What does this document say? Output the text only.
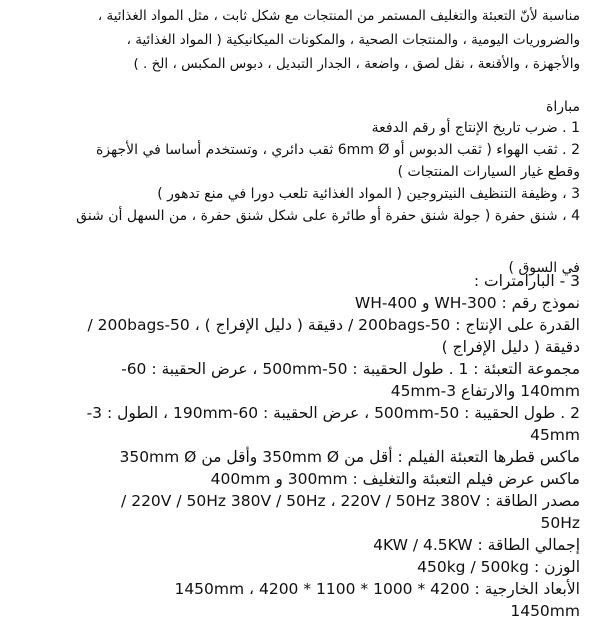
مناسبة لأنّ التعبئة والتغليف المستمر من المنتجات مع شكل ثابت ، مثل المواد الغذائية ،
والضروريات اليومية ، والمنتجات الصحية ، والمكونات الميكانيكية ( المواد الغذائية ،
والأجهزة ، والأقنعة ، نقل لصق ، واضعة ، الجدار التبديل ، دبوس المكبس ، الخ . )
مباراة
1 . ضرب تاريخ الإنتاج أو رقم الدفعة
2 . ثقب الهواء ( ثقب الدبوس أو 6mm Ø ثقب دائري ، وتستخدم أساسا في الأجهزة
وقطع غيار السيارات المنتجات )
3 ، وظيفة التنظيف النيتروجين ( المواد الغذائية تلعب دورا في منع تدهور )
4 ، شنق حفرة ( جولة شنق حفرة أو طائرة على شكل شنق حفرة ، من السهل أن شنق
في السوق )
3 - البارامترات :
نموذج رقم : WH-300 و WH-400
القدرة على الإنتاج : 50-200bags / دقيقة ( دليل الإفراج ) ، 50-200bags /
دقيقة ( دليل الإفراج )
مجموعة التعبئة : 1 . طول الحقيبة : 50-500mm ، عرض الحقيبة : 60-
140mm والارتفاع 3-45mm
2 . طول الحقيبة : 50-500mm ، عرض الحقيبة : 60-190mm ، الطول : 3-
45mm
ماكس قطرها التعبئة الفيلم : أقل من 350mm Ø وأقل من 350mm Ø
ماكس عرض فيلم التعبئة والتغليف : 300mm و 400mm
مصدر الطاقة : 220V / 50Hz 380V / 50Hz ، 220V / 50Hz 380V /
50Hz
إجمالي الطاقة : 4KW / 4.5KW
الوزن : 450kg / 500kg
الأبعاد الخارجية : 4200 * 1000 * 1100 * 4200 ، 1450mm
1450mm
